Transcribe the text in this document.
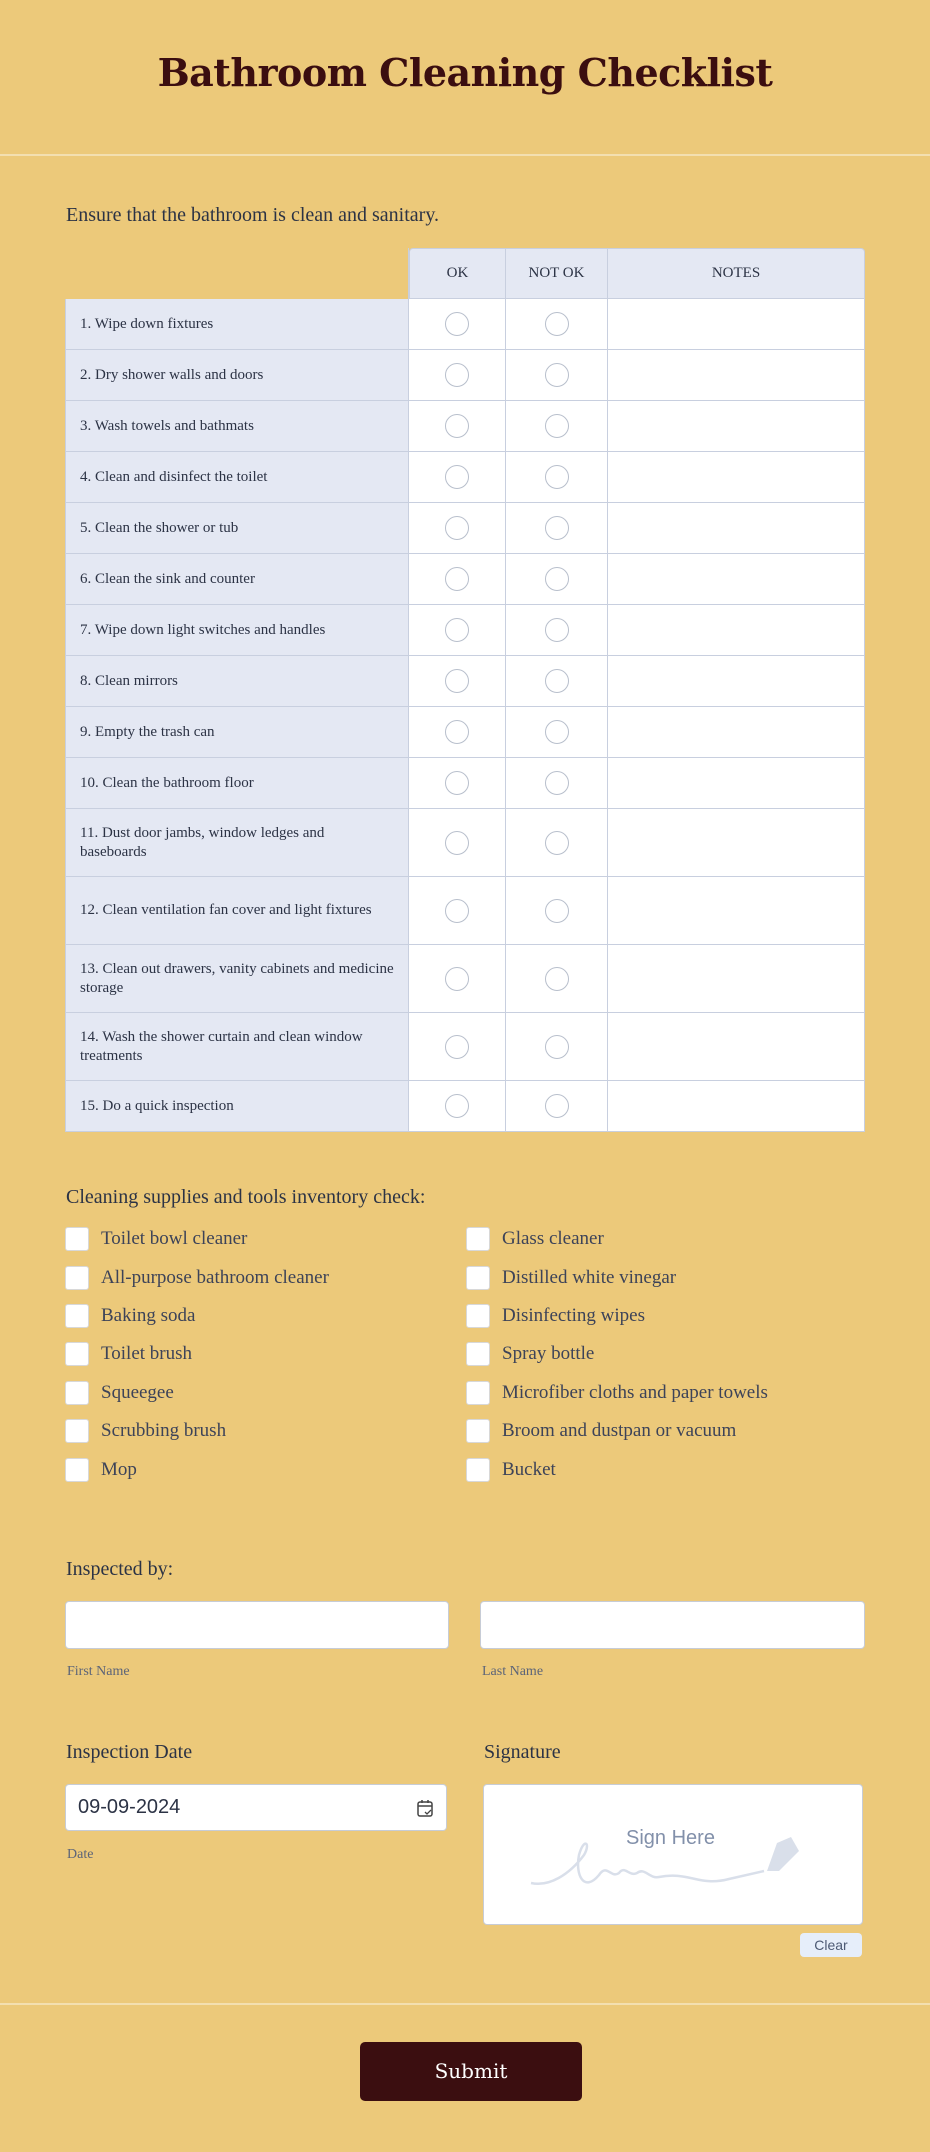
Bathroom Cleaning Checklist
Ensure that the bathroom is clean and sanitary.
	OK	NOT OK	NOTES
1. Wipe down fixtures			
2. Dry shower walls and doors			
3. Wash towels and bathmats			
4. Clean and disinfect the toilet			
5. Clean the shower or tub			
6. Clean the sink and counter			
7. Wipe down light switches and handles			
8. Clean mirrors			
9. Empty the trash can			
10. Clean the bathroom floor			
11. Dust door jambs, window ledges and baseboards			
12. Clean ventilation fan cover and light fixtures			
13. Clean out drawers, vanity cabinets and medicine storage			
14. Wash the shower curtain and clean window treatments			
15. Do a quick inspection			
Cleaning supplies and tools inventory check:
Toilet bowl cleaner
All-purpose bathroom cleaner
Baking soda
Toilet brush
Squeegee
Scrubbing brush
Mop
Glass cleaner
Distilled white vinegar
Disinfecting wipes
Spray bottle
Microfiber cloths and paper towels
Broom and dustpan or vacuum
Bucket
Inspected by:
First Name	Last Name
Inspection Date
09-09-2024
Date
Signature
Sign Here
Clear
Submit
